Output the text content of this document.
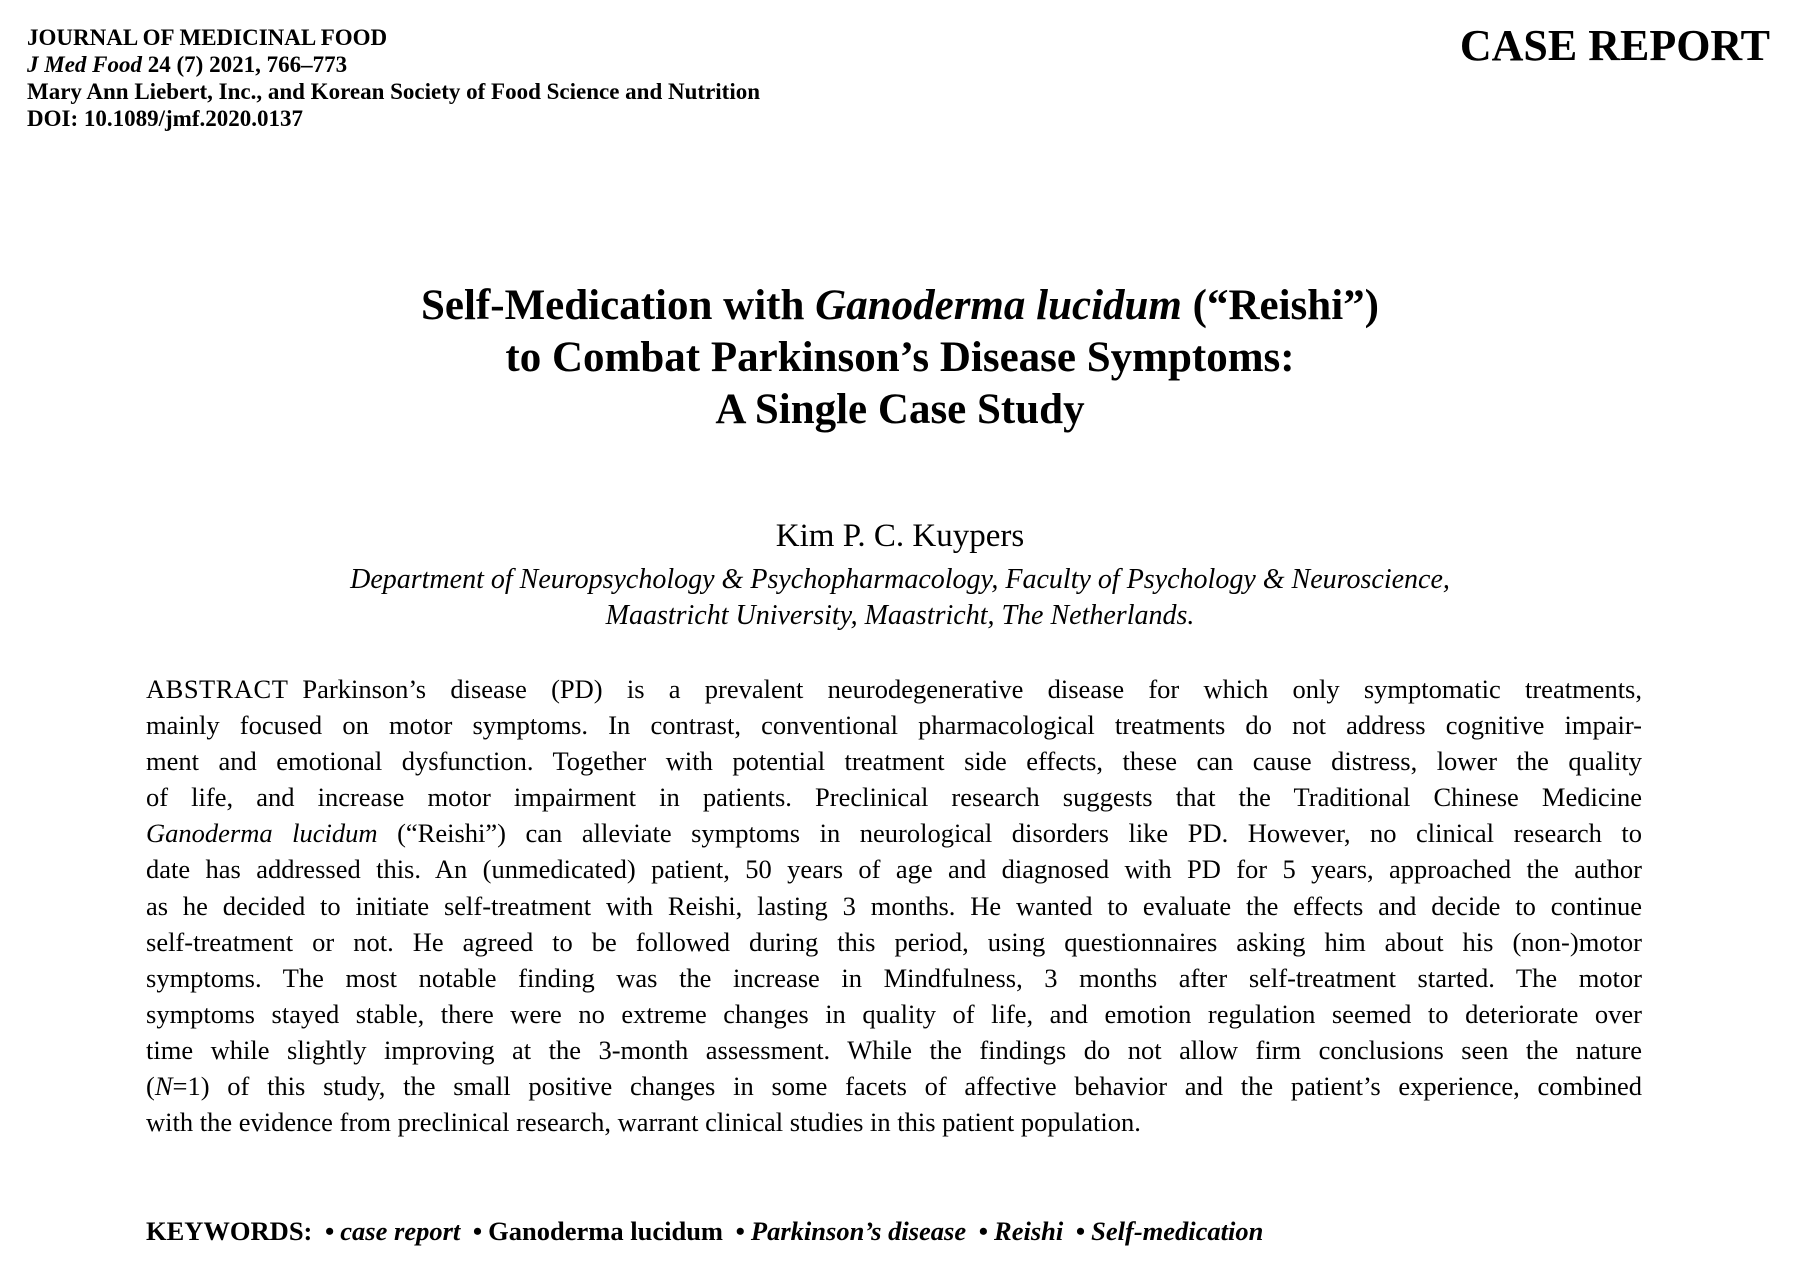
JOURNAL OF MEDICINAL FOOD
J Med Food 24 (7) 2021, 766–773
Mary Ann Liebert, Inc., and Korean Society of Food Science and Nutrition
DOI: 10.1089/jmf.2020.0137
CASE REPORT
Self-Medication with Ganoderma lucidum (“Reishi”)
to Combat Parkinson’s Disease Symptoms:
A Single Case Study
Kim P. C. Kuypers
Department of Neuropsychology & Psychopharmacology, Faculty of Psychology & Neuroscience,
Maastricht University, Maastricht, The Netherlands.
ABSTRACT Parkinson’s disease (PD) is a prevalent neurodegenerative disease for which only symptomatic treatments,
mainly focused on motor symptoms. In contrast, conventional pharmacological treatments do not address cognitive impair-
ment and emotional dysfunction. Together with potential treatment side effects, these can cause distress, lower the quality
of life, and increase motor impairment in patients. Preclinical research suggests that the Traditional Chinese Medicine
Ganoderma lucidum (“Reishi”) can alleviate symptoms in neurological disorders like PD. However, no clinical research to
date has addressed this. An (unmedicated) patient, 50 years of age and diagnosed with PD for 5 years, approached the author
as he decided to initiate self-treatment with Reishi, lasting 3 months. He wanted to evaluate the effects and decide to continue
self-treatment or not. He agreed to be followed during this period, using questionnaires asking him about his (non-)motor
symptoms. The most notable finding was the increase in Mindfulness, 3 months after self-treatment started. The motor
symptoms stayed stable, there were no extreme changes in quality of life, and emotion regulation seemed to deteriorate over
time while slightly improving at the 3-month assessment. While the findings do not allow firm conclusions seen the nature
(N=1) of this study, the small positive changes in some facets of affective behavior and the patient’s experience, combined
with the evidence from preclinical research, warrant clinical studies in this patient population.
KEYWORDS: • case report • Ganoderma lucidum • Parkinson’s disease • Reishi • Self-medication
